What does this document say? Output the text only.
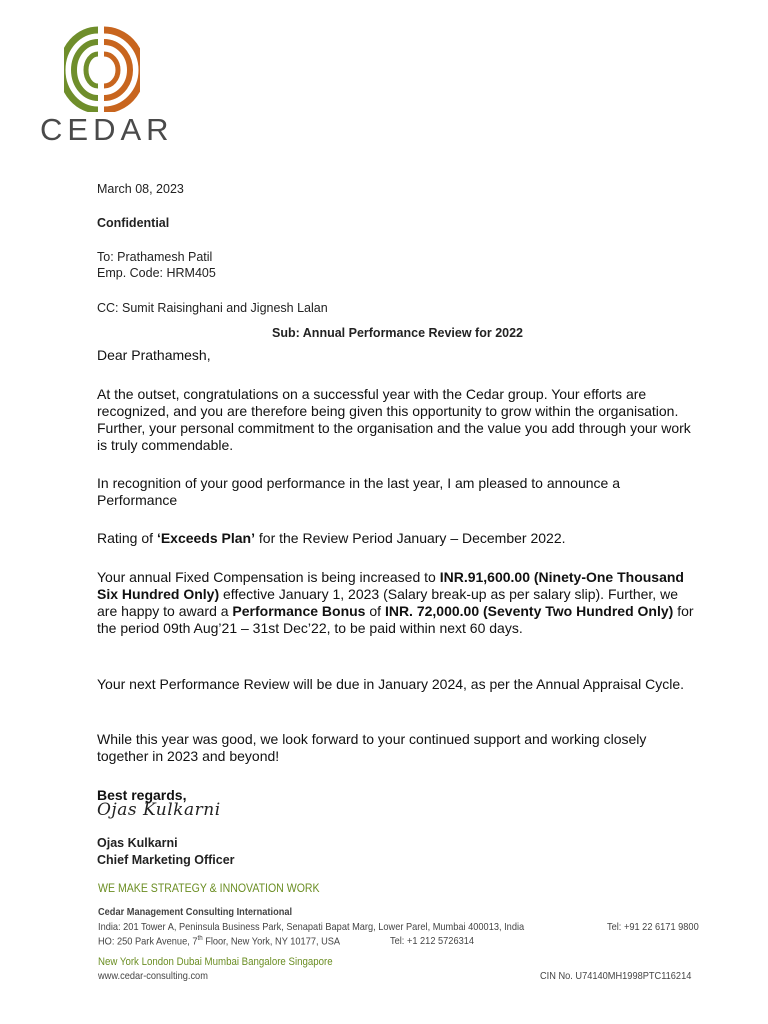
CEDAR
March 08, 2023
Confidential
To: Prathamesh Patil
Emp. Code: HRM405
CC: Sumit Raisinghani and Jignesh Lalan
Sub: Annual Performance Review for 2022
Dear Prathamesh,
At the outset, congratulations on a successful year with the Cedar group. Your efforts are recognized, and you are therefore being given this opportunity to grow within the organisation. Further, your personal commitment to the organisation and the value you add through your work is truly commendable.
In recognition of your good performance in the last year, I am pleased to announce a Performance
Rating of ‘Exceeds Plan’ for the Review Period January – December 2022.
Your annual Fixed Compensation is being increased to INR.91,600.00 (Ninety-One Thousand Six Hundred Only) effective January 1, 2023 (Salary break-up as per salary slip). Further, we are happy to award a Performance Bonus of INR. 72,000.00 (Seventy Two Hundred Only) for the period 09th Aug’21 – 31st Dec’22, to be paid within next 60 days.
Your next Performance Review will be due in January 2024, as per the Annual Appraisal Cycle.
While this year was good, we look forward to your continued support and working closely together in 2023 and beyond!
Best regards,
Ojas Kulkarni
Ojas Kulkarni
Chief Marketing Officer
WE MAKE STRATEGY & INNOVATION WORK
Cedar Management Consulting International
India: 201 Tower A, Peninsula Business Park, Senapati Bapat Marg, Lower Parel, Mumbai 400013, India	Tel: +91 22 6171 9800
HO: 250 Park Avenue, 7th Floor, New York, NY 10177, USA	Tel: +1 212 5726314
New York London Dubai Mumbai Bangalore Singapore
www.cedar-consulting.com	CIN No. U74140MH1998PTC116214
